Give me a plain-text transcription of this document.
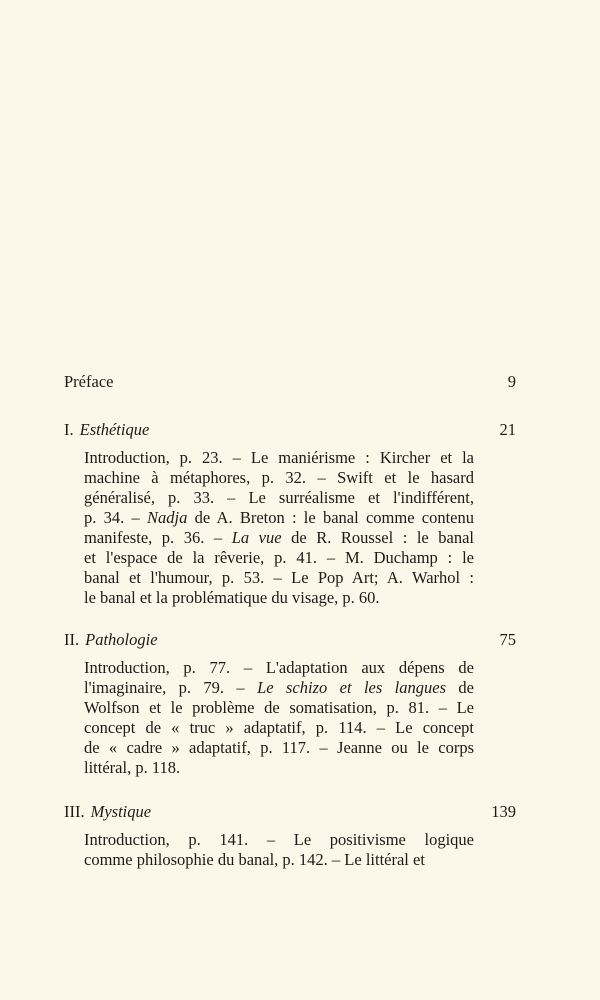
Préface	9
I. Esthétique	21
Introduction, p. 23. – Le maniérisme : Kircher et la
machine à métaphores, p. 32. – Swift et le hasard
généralisé, p. 33. – Le surréalisme et l'indifférent,
p. 34. – Nadja de A. Breton : le banal comme contenu
manifeste, p. 36. – La vue de R. Roussel : le banal
et l'espace de la rêverie, p. 41. – M. Duchamp : le
banal et l'humour, p. 53. – Le Pop Art; A. Warhol :
le banal et la problématique du visage, p. 60.
II. Pathologie	75
Introduction, p. 77. – L'adaptation aux dépens de
l'imaginaire, p. 79. – Le schizo et les langues de
Wolfson et le problème de somatisation, p. 81. – Le
concept de « truc » adaptatif, p. 114. – Le concept
de « cadre » adaptatif, p. 117. – Jeanne ou le corps
littéral, p. 118.
III. Mystique	139
Introduction, p. 141. – Le positivisme logique
comme philosophie du banal, p. 142. – Le littéral et
